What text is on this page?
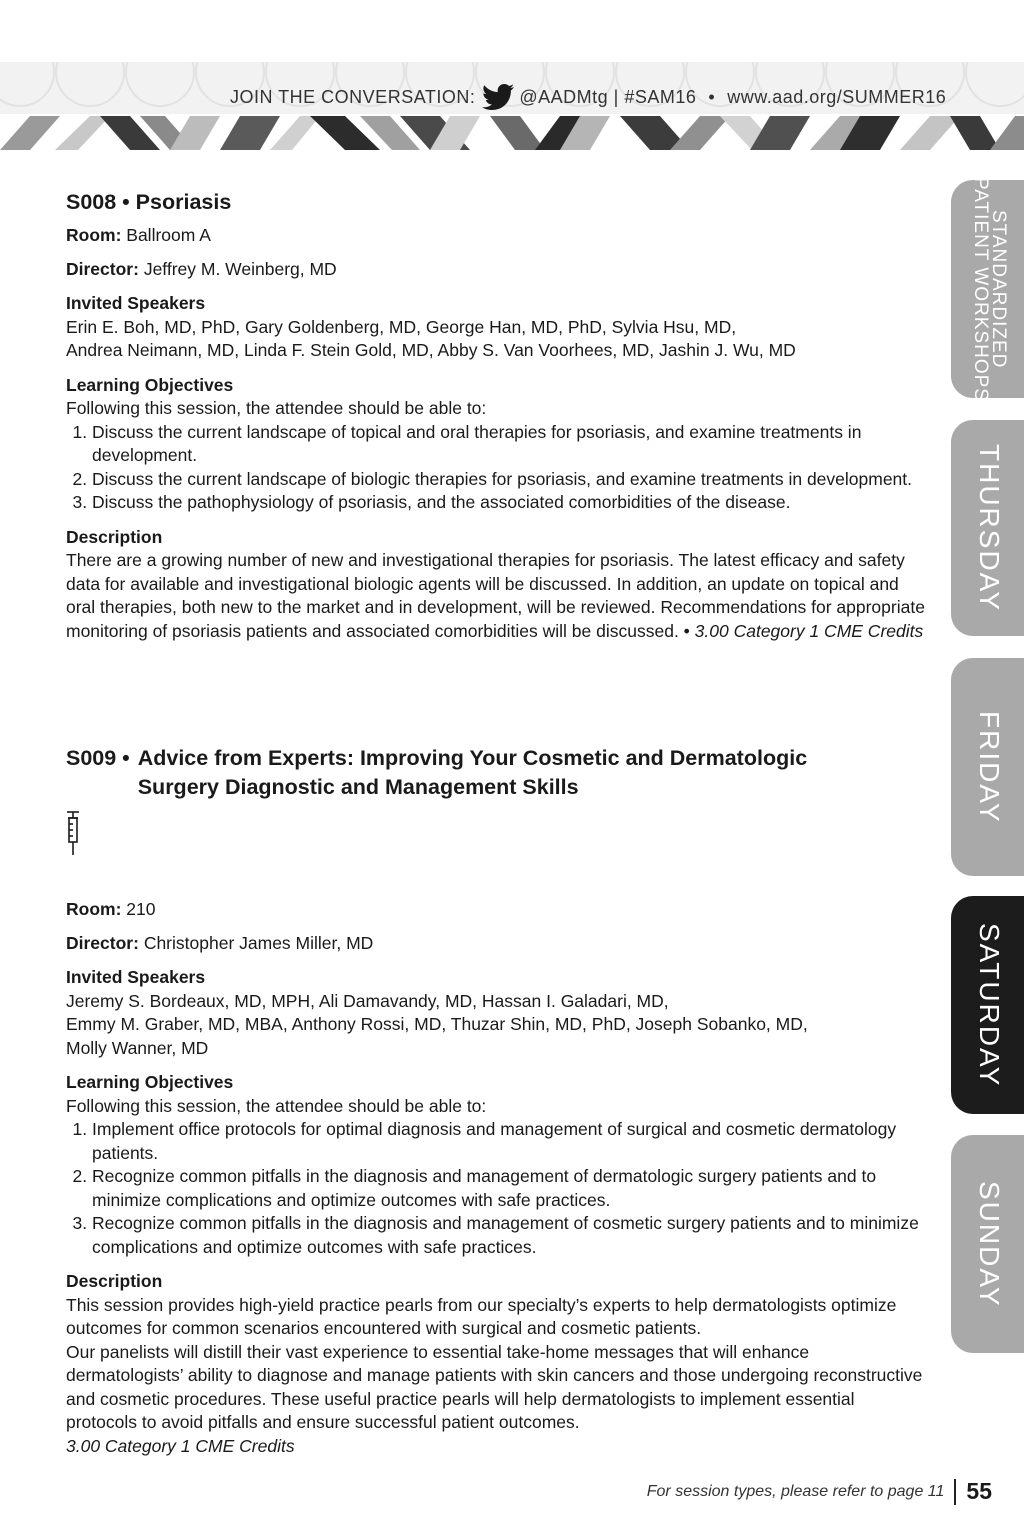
JOIN THE CONVERSATION: @AADMtg | #SAM16 • www.aad.org/SUMMER16

S008 • Psoriasis

Room: Ballroom A

Director: Jeffrey M. Weinberg, MD

Invited Speakers

Erin E. Boh, MD, PhD, Gary Goldenberg, MD, George Han, MD, PhD, Sylvia Hsu, MD,

Andrea Neimann, MD, Linda F. Stein Gold, MD, Abby S. Van Voorhees, MD, Jashin J. Wu, MD

Learning Objectives

Following this session, the attendee should be able to:

1. Discuss the current landscape of topical and oral therapies for psoriasis, and examine treatments in development.
2. Discuss the current landscape of biologic therapies for psoriasis, and examine treatments in development.
3. Discuss the pathophysiology of psoriasis, and the associated comorbidities of the disease.

Description

There are a growing number of new and investigational therapies for psoriasis. The latest efficacy and safety data for available and investigational biologic agents will be discussed. In addition, an update on topical and oral therapies, both new to the market and in development, will be reviewed. Recommendations for appropriate monitoring of psoriasis patients and associated comorbidities will be discussed. • 3.00 Category 1 CME Credits

S009 • Advice from Experts: Improving Your Cosmetic and Dermatologic
Surgery Diagnostic and Management Skills

Room: 210

Director: Christopher James Miller, MD

Invited Speakers

Jeremy S. Bordeaux, MD, MPH, Ali Damavandy, MD, Hassan I. Galadari, MD,

Emmy M. Graber, MD, MBA, Anthony Rossi, MD, Thuzar Shin, MD, PhD, Joseph Sobanko, MD,

Molly Wanner, MD

Learning Objectives

Following this session, the attendee should be able to:

1. Implement office protocols for optimal diagnosis and management of surgical and cosmetic dermatology patients.
2. Recognize common pitfalls in the diagnosis and management of dermatologic surgery patients and to minimize complications and optimize outcomes with safe practices.
3. Recognize common pitfalls in the diagnosis and management of cosmetic surgery patients and to minimize complications and optimize outcomes with safe practices.

Description

This session provides high-yield practice pearls from our specialty’s experts to help dermatologists optimize outcomes for common scenarios encountered with surgical and cosmetic patients.

Our panelists will distill their vast experience to essential take-home messages that will enhance dermatologists’ ability to diagnose and manage patients with skin cancers and those undergoing reconstructive and cosmetic procedures. These useful practice pearls will help dermatologists to implement essential protocols to avoid pitfalls and ensure successful patient outcomes.

3.00 Category 1 CME Credits

STANDARDIZED
PATIENT WORKSHOPS
THURSDAY
FRIDAY
SATURDAY
SUNDAY
For session types, please refer to page 11 55
